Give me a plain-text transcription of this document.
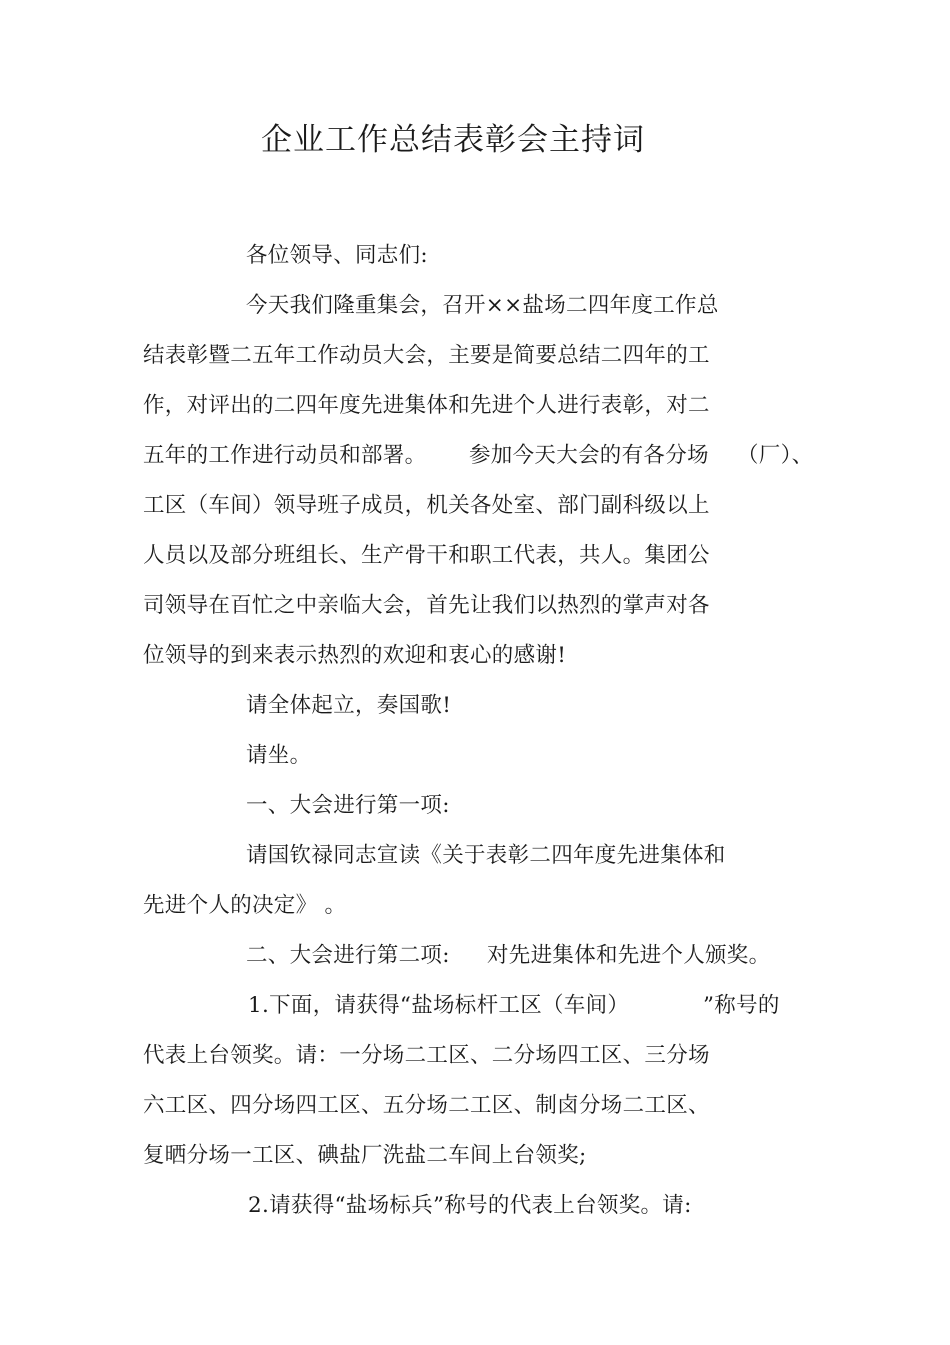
企业工作总结表彰会主持词
各位领导、同志们:
今天我们隆重集会，召开××盐场二四年度工作总
结表彰暨二五年工作动员大会，主要是简要总结二四年的工
作，对评出的二四年度先进集体和先进个人进行表彰，对二
五年的工作进行动员和部署。 参加今天大会的有各分场 （厂）、
工区（车间）领导班子成员，机关各处室、部门副科级以上
人员以及部分班组长、生产骨干和职工代表，共人。集团公
司领导在百忙之中亲临大会，首先让我们以热烈的掌声对各
位领导的到来表示热烈的欢迎和衷心的感谢!
请全体起立，奏国歌!
请坐。
一、大会进行第一项:
请国钦禄同志宣读《关于表彰二四年度先进集体和
先进个人的决定》 。
二、大会进行第二项: 对先进集体和先进个人颁奖。
1.下面，请获得“盐场标杆工区（车间）	”称号的
代表上台领奖。请：一分场二工区、二分场四工区、三分场
六工区、四分场四工区、五分场二工区、制卤分场二工区、
复晒分场一工区、碘盐厂洗盐二车间上台领奖;
2.请获得“盐场标兵”称号的代表上台领奖。请:
